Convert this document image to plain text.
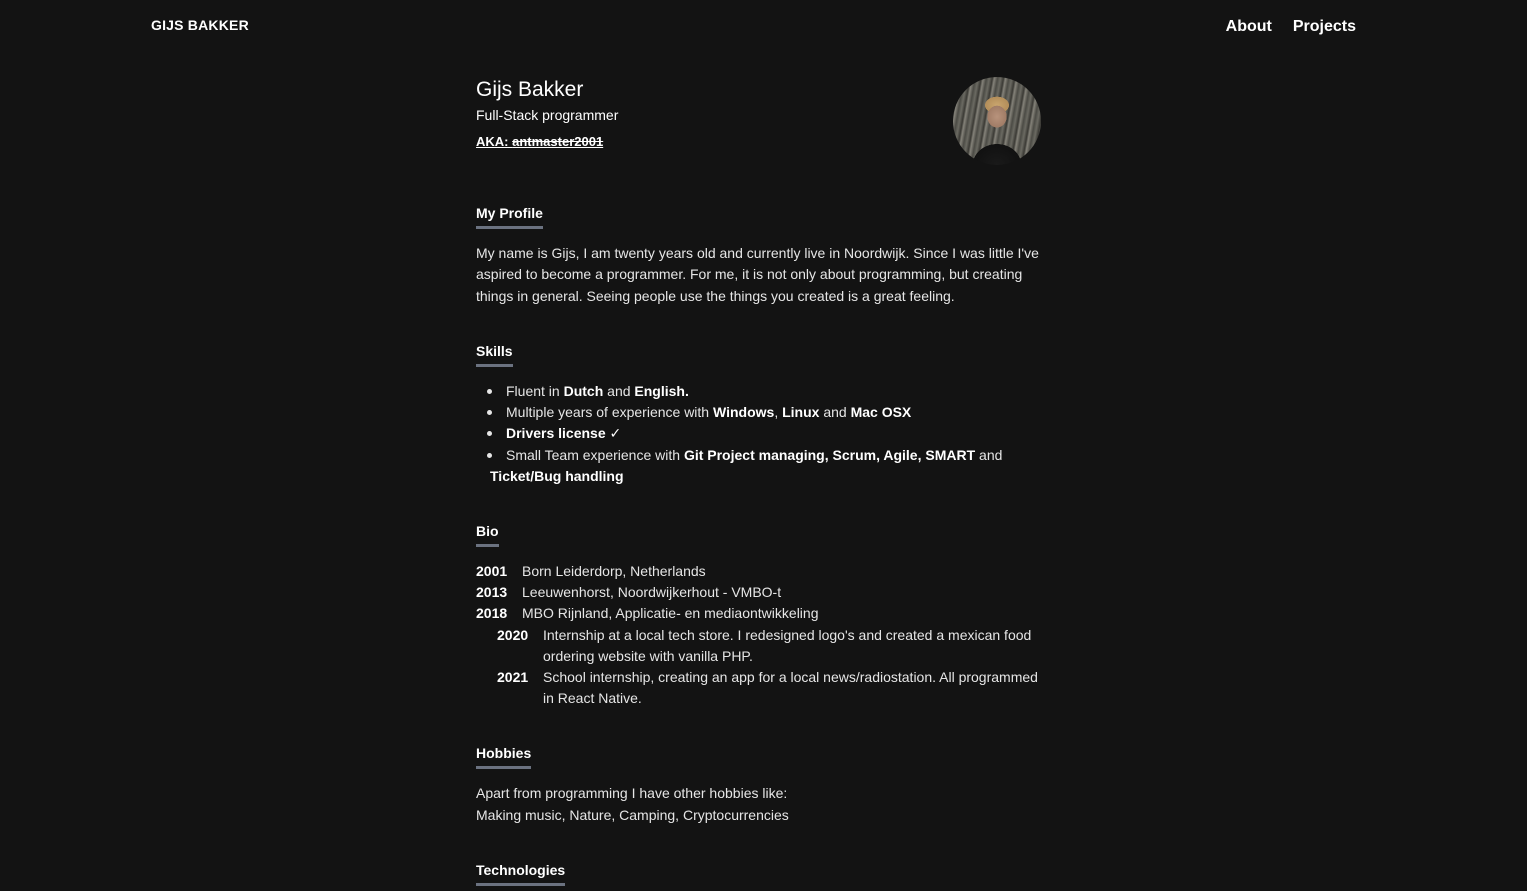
GIJS BAKKER	About Projects
Gijs Bakker
Full-Stack programmer
AKA: antmaster2001
My Profile
My name is Gijs, I am twenty years old and currently live in Noordwijk. Since I was little I've aspired to become a programmer. For me, it is not only about programming, but creating things in general. Seeing people use the things you created is a great feeling.
Skills
Fluent in Dutch and English.
Multiple years of experience with Windows, Linux and Mac OSX
Drivers license ✓
Small Team experience with Git Project managing, Scrum, Agile, SMART and
Ticket/Bug handling
Bio
2001	Born Leiderdorp, Netherlands
2013	Leeuwenhorst, Noordwijkerhout - VMBO-t
2018	MBO Rijnland, Applicatie- en mediaontwikkeling
2020	Internship at a local tech store. I redesigned logo's and created a mexican food ordering website with vanilla PHP.
2021	School internship, creating an app for a local news/radiostation. All programmed in React Native.
Hobbies
Apart from programming I have other hobbies like:
Making music, Nature, Camping, Cryptocurrencies
Technologies
